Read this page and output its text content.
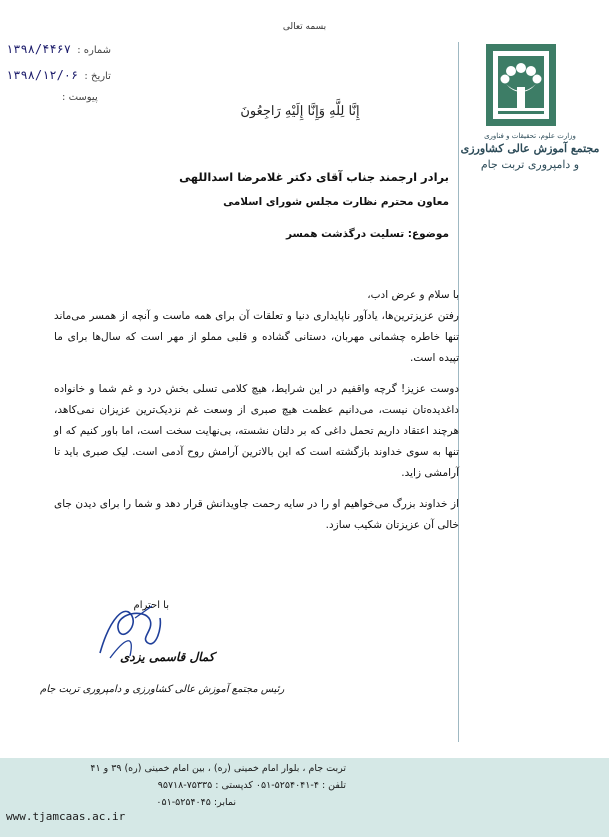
بسمه تعالی
شماره : ۱۳۹۸/۴۴۶۷
تاریخ : ۱۳۹۸/۱۲/۰۶
پیوست :
وزارت علوم، تحقیقات و فناوری
مجتمع آموزش عالی کشاورزی
و دامپروری تربت جام
إِنَّا لِلَّهِ وَإِنَّا إِلَيْهِ رَاجِعُونَ
برادر ارجمند جناب آقای دکتر غلامرضا اسداللهی
معاون محترم نظارت مجلس شورای اسلامی
موضوع: تسلیت درگذشت همسر

با سلام و عرض ادب،

رفتن عزیزترین‌ها، یادآور ناپایداری دنیا و تعلقات آن برای همه ماست و آنچه از همسر می‌ماند تنها خاطره چشمانی مهربان، دستانی گشاده و قلبی مملو از مهر است که سال‌ها برای ما تپیده است.

دوست عزیز! گرچه واقفیم در این شرایط، هیچ کلامی تسلی بخش درد و غم شما و خانواده داغدیده‌تان نیست، می‌دانیم عظمت هیچ صبری از وسعت غم نزدیک‌ترین عزیزان نمی‌کاهد، هرچند اعتقاد داریم تحمل داغی که بر دلتان نشسته، بی‌نهایت سخت است، اما باور کنیم که او تنها به سوی خداوند بازگشته است که این بالاترین آرامش روح آدمی است. لیک صبری باید تا آرامشی زاید.

از خداوند بزرگ می‌خواهیم او را در سایه رحمت جاویدانش قرار دهد و شما را برای دیدن جای خالی آن عزیزتان شکیب سازد.

با احترام
کمال قاسمی یزدی
رئیس مجتمع آموزش عالی کشاورزی و دامپروری تربت جام
تربت جام ، بلوار امام خمینی (ره) ، بین امام خمینی (ره) ۳۹ و ۴۱
تلفن : ۴-۵۲۵۴۰۴۱-۰۵۱ کدپستی : ۷۵۳۳۵-۹۵۷۱۸
نمابر: ۵۲۵۴۰۴۵-۰۵۱
www.tjamcaas.ac.ir
